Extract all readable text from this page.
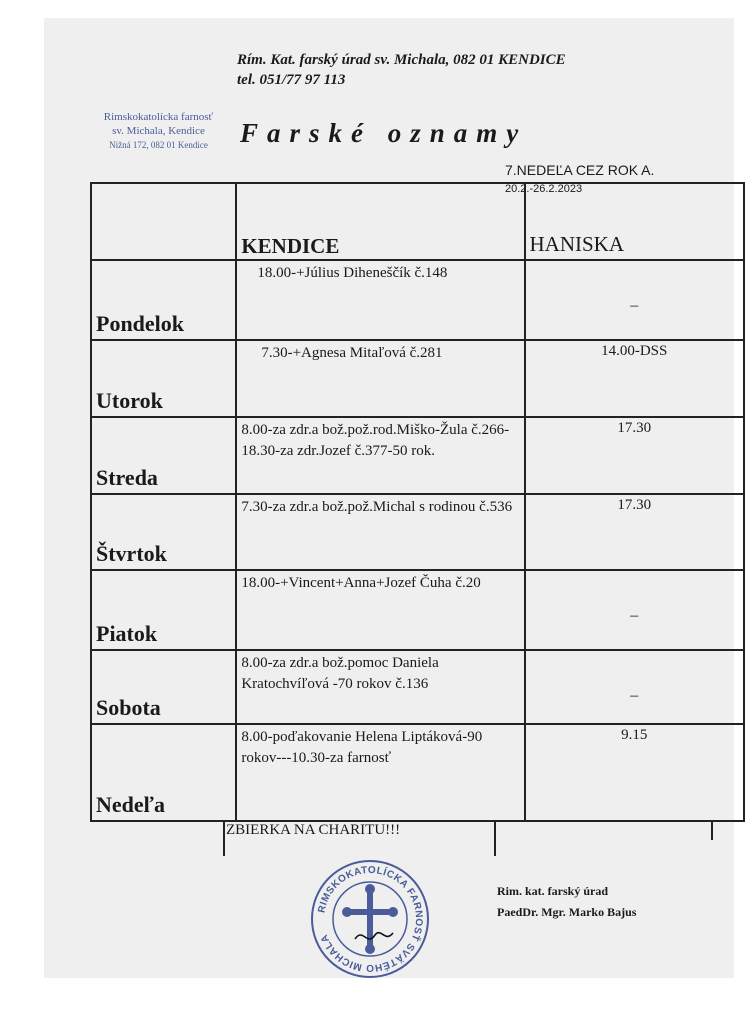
Rím. Kat. farský úrad sv. Michala, 082 01 KENDICE
tel. 051/77 97 113
Rimskokatolícka farnosť
sv. Michala, Kendice
Nižná 172, 082 01 Kendice	Farské oznamy
7.NEDEĽA CEZ ROK A.
20.2.-26.2.2023
	KENDICE	HANISKA
Pondelok	18.00-+Július Diheneščík č.148	–

Utorok	7.30-+Agnesa Mitaľová č.281	14.00-DSS
Streda	8.00-za zdr.a bož.pož.rod.Miško-Žula č.266-18.30-za zdr.Jozef č.377-50 rok.	17.30
Štvrtok	7.30-za zdr.a bož.pož.Michal s rodinou č.536	17.30
Piatok	18.00-+Vincent+Anna+Jozef Čuha č.20	–

Sobota	8.00-za zdr.a bož.pomoc Daniela Kratochvíľová -70 rokov č.136	–

Nedeľa	8.00-poďakovanie Helena Liptáková-90 rokov---10.30-za farnosť	9.15
ZBIERKA NA CHARITU!!!
RIMSKOKATOLÍCKA FARNOSŤ SVÄTÉHO MICHALA
Rim. kat. farský úrad
PaedDr. Mgr. Marko Bajus
